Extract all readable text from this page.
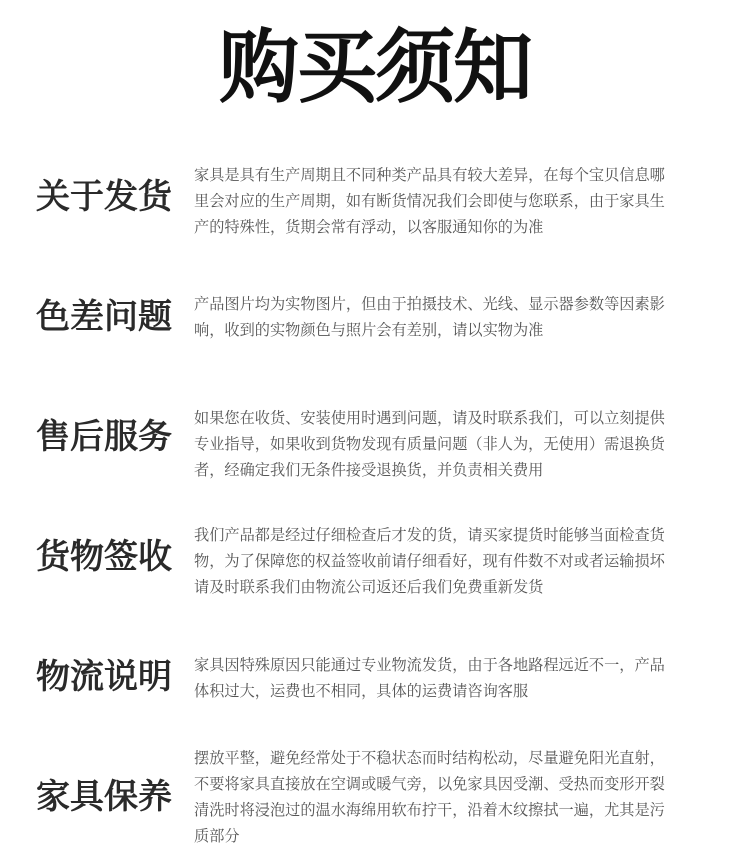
购买须知
关于发货

家具是具有生产周期且不同种类产品具有较大差异，在每个宝贝信息哪
里会对应的生产周期，如有断货情况我们会即使与您联系，由于家具生
产的特殊性，货期会常有浮动，以客服通知你的为准

色差问题 产品图片均为实物图片，但由于拍摄技术、光线、显示器参数等因素影
响，收到的实物颜色与照片会有差别，请以实物为准

售后服务 如果您在收货、安装使用时遇到问题，请及时联系我们，可以立刻提供
专业指导，如果收到货物发现有质量问题（非人为，无使用）需退换货
者，经确定我们无条件接受退换货，并负责相关费用

货物签收

我们产品都是经过仔细检查后才发的货，请买家提货时能够当面检查货
物，为了保障您的权益签收前请仔细看好，现有件数不对或者运输损坏
请及时联系我们由物流公司返还后我们免费重新发货

物流说明 家具因特殊原因只能通过专业物流发货，由于各地路程远近不一，产品
体积过大，运费也不相同，具体的运费请咨询客服

家具保养

摆放平整，避免经常处于不稳状态而时结构松动，尽量避免阳光直射，
不要将家具直接放在空调或暖气旁，以免家具因受潮、受热而变形开裂
清洗时将浸泡过的温水海绵用软布拧干，沿着木纹擦拭一遍，尤其是污
质部分
